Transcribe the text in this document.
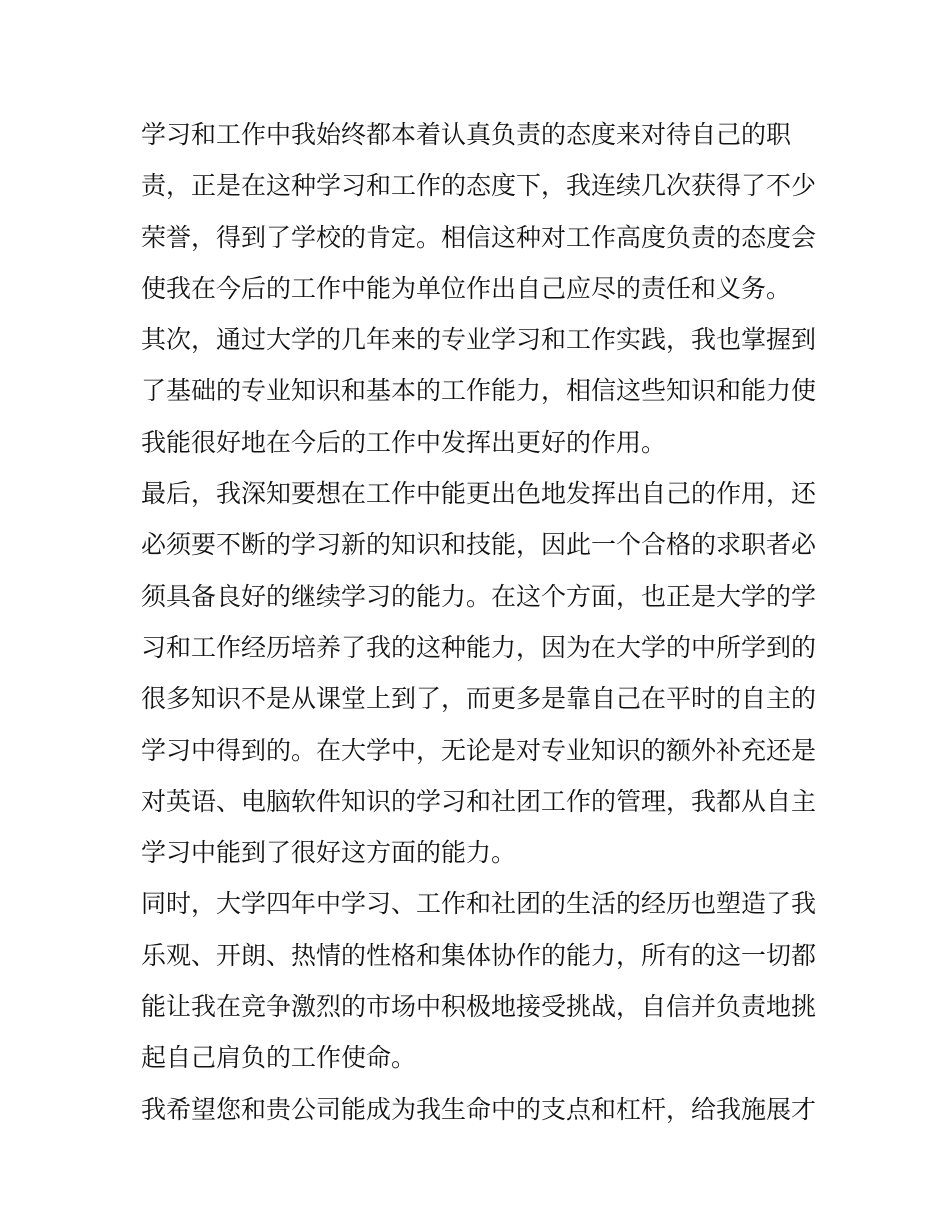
学习和工作中我始终都本着认真负责的态度来对待自己的职
责，正是在这种学习和工作的态度下，我连续几次获得了不少
荣誉，得到了学校的肯定。相信这种对工作高度负责的态度会
使我在今后的工作中能为单位作出自己应尽的责任和义务。
其次，通过大学的几年来的专业学习和工作实践，我也掌握到
了基础的专业知识和基本的工作能力，相信这些知识和能力使
我能很好地在今后的工作中发挥出更好的作用。
最后，我深知要想在工作中能更出色地发挥出自己的作用，还
必须要不断的学习新的知识和技能，因此一个合格的求职者必
须具备良好的继续学习的能力。在这个方面，也正是大学的学
习和工作经历培养了我的这种能力，因为在大学的中所学到的
很多知识不是从课堂上到了，而更多是靠自己在平时的自主的
学习中得到的。在大学中，无论是对专业知识的额外补充还是
对英语、电脑软件知识的学习和社团工作的管理，我都从自主
学习中能到了很好这方面的能力。
同时，大学四年中学习、工作和社团的生活的经历也塑造了我
乐观、开朗、热情的性格和集体协作的能力，所有的这一切都
能让我在竞争激烈的市场中积极地接受挑战，自信并负责地挑
起自己肩负的工作使命。
我希望您和贵公司能成为我生命中的支点和杠杆，给我施展才
